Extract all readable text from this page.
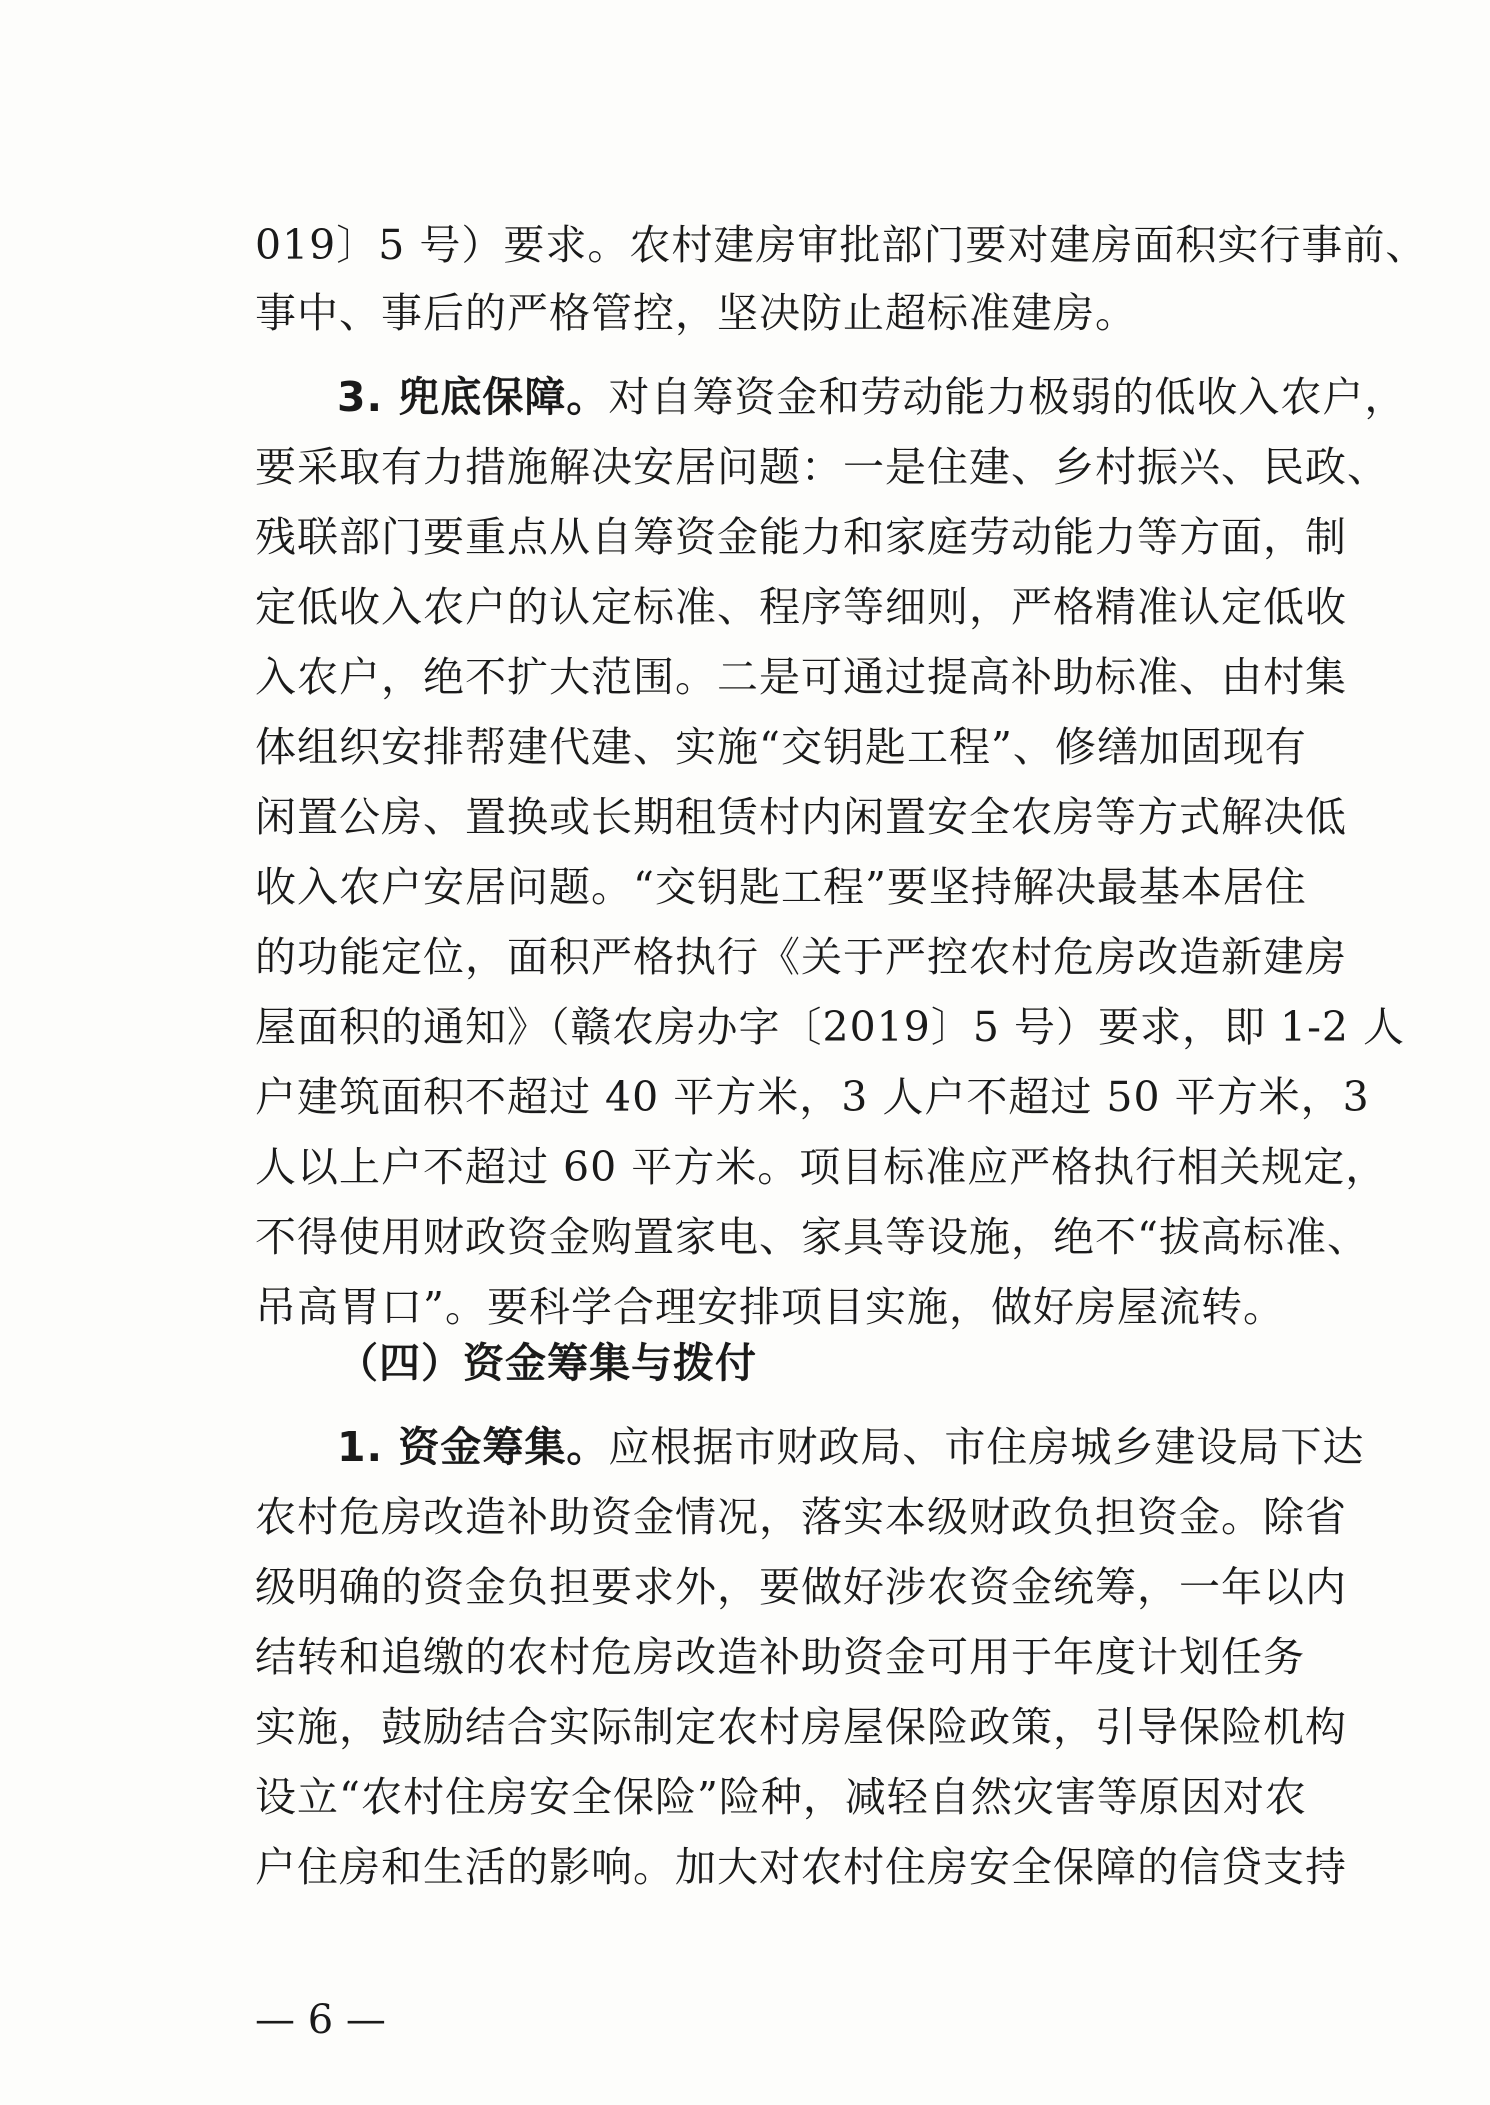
019〕5 号）要求。农村建房审批部门要对建房面积实行事前、
事中、事后的严格管控，坚决防止超标准建房。
3. 兜底保障。对自筹资金和劳动能力极弱的低收入农户，
要采取有力措施解决安居问题：一是住建、乡村振兴、民政、
残联部门要重点从自筹资金能力和家庭劳动能力等方面，制
定低收入农户的认定标准、程序等细则，严格精准认定低收
入农户，绝不扩大范围。二是可通过提高补助标准、由村集
体组织安排帮建代建、实施“交钥匙工程”、修缮加固现有
闲置公房、置换或长期租赁村内闲置安全农房等方式解决低
收入农户安居问题。“交钥匙工程”要坚持解决最基本居住
的功能定位，面积严格执行《关于严控农村危房改造新建房
屋面积的通知》（赣农房办字〔2019〕5 号）要求，即 1-2 人
户建筑面积不超过 40 平方米，3 人户不超过 50 平方米，3
人以上户不超过 60 平方米。项目标准应严格执行相关规定，
不得使用财政资金购置家电、家具等设施，绝不“拔高标准、
吊高胃口”。要科学合理安排项目实施，做好房屋流转。
（四）资金筹集与拨付
1. 资金筹集。应根据市财政局、市住房城乡建设局下达
农村危房改造补助资金情况，落实本级财政负担资金。除省
级明确的资金负担要求外，要做好涉农资金统筹，一年以内
结转和追缴的农村危房改造补助资金可用于年度计划任务
实施，鼓励结合实际制定农村房屋保险政策，引导保险机构
设立“农村住房安全保险”险种，减轻自然灾害等原因对农
户住房和生活的影响。加大对农村住房安全保障的信贷支持
— 6 —
